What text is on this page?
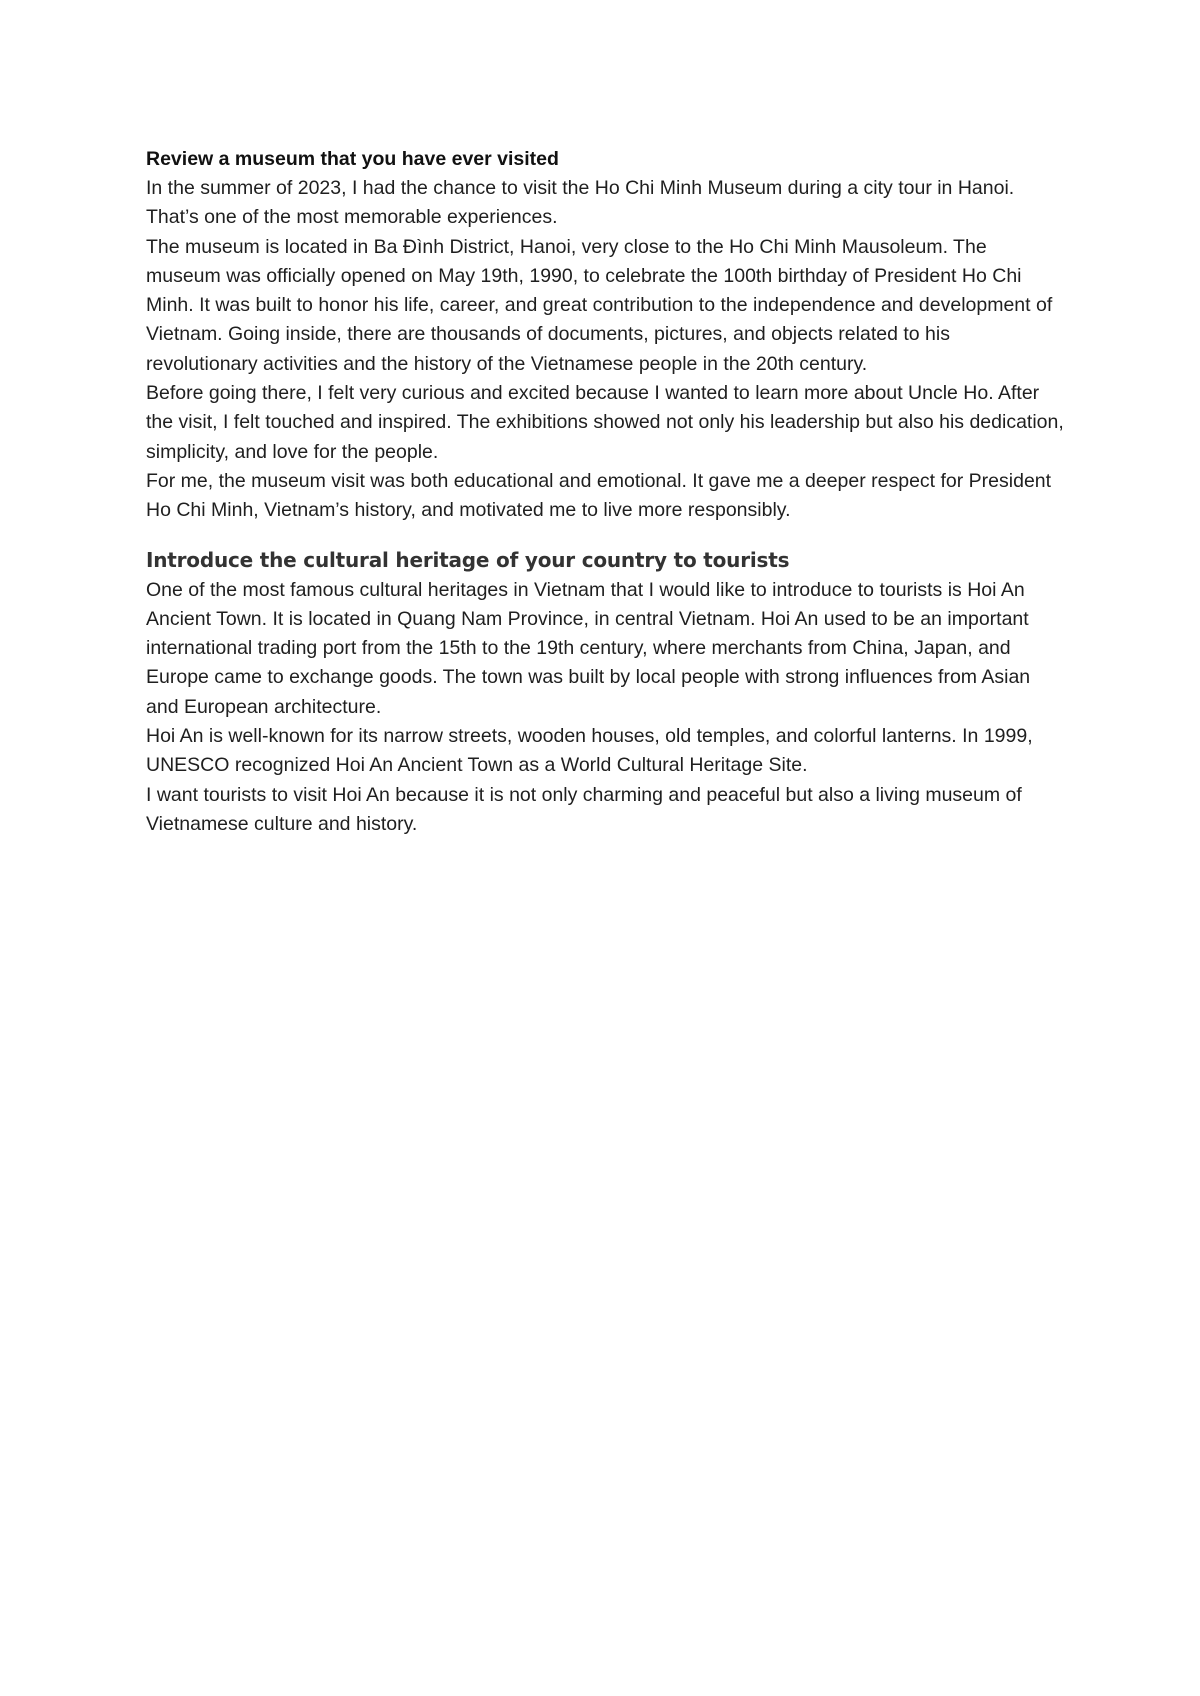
Review a museum that you have ever visited

In the summer of 2023, I had the chance to visit the Ho Chi Minh Museum during a city tour in Hanoi. That’s one of the most memorable experiences.

The museum is located in Ba Đình District, Hanoi, very close to the Ho Chi Minh Mausoleum. The museum was officially opened on May 19th, 1990, to celebrate the 100th birthday of President Ho Chi Minh. It was built to honor his life, career, and great contribution to the independence and development of Vietnam. Going inside, there are thousands of documents, pictures, and objects related to his revolutionary activities and the history of the Vietnamese people in the 20th century.

Before going there, I felt very curious and excited because I wanted to learn more about Uncle Ho. After the visit, I felt touched and inspired. The exhibitions showed not only his leadership but also his dedication, simplicity, and love for the people.

For me, the museum visit was both educational and emotional. It gave me a deeper respect for President Ho Chi Minh, Vietnam’s history, and motivated me to live more responsibly.

Introduce the cultural heritage of your country to tourists

One of the most famous cultural heritages in Vietnam that I would like to introduce to tourists is Hoi An Ancient Town. It is located in Quang Nam Province, in central Vietnam. Hoi An used to be an important international trading port from the 15th to the 19th century, where merchants from China, Japan, and Europe came to exchange goods. The town was built by local people with strong influences from Asian and European architecture.

Hoi An is well-known for its narrow streets, wooden houses, old temples, and colorful lanterns. In 1999, UNESCO recognized Hoi An Ancient Town as a World Cultural Heritage Site.

I want tourists to visit Hoi An because it is not only charming and peaceful but also a living museum of Vietnamese culture and history.
